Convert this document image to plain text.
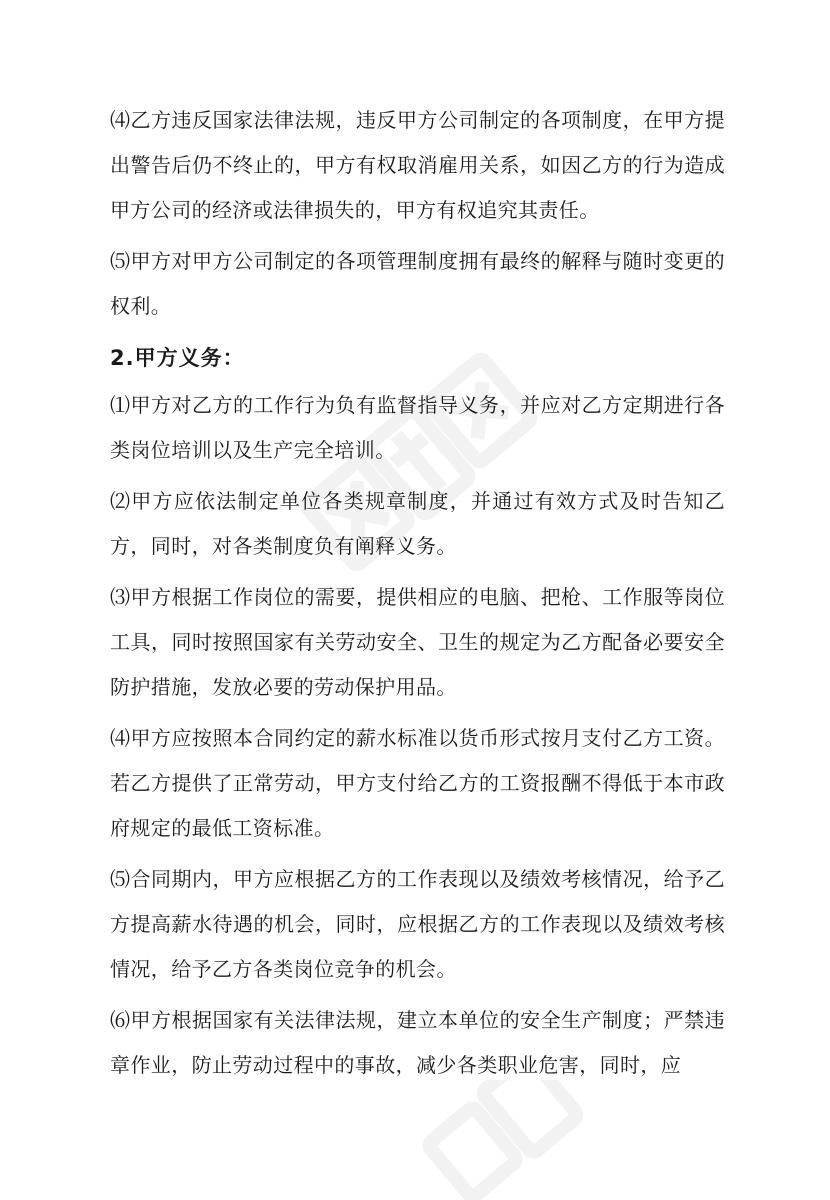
⑷乙方违反国家法律法规，违反甲方公司制定的各项制度，在甲方提出警告后仍不终止的，甲方有权取消雇用关系，如因乙方的行为造成甲方公司的经济或法律损失的，甲方有权追究其责任。

⑸甲方对甲方公司制定的各项管理制度拥有最终的解释与随时变更的权利。

2.甲方义务：

⑴甲方对乙方的工作行为负有监督指导义务，并应对乙方定期进行各类岗位培训以及生产完全培训。

⑵甲方应依法制定单位各类规章制度，并通过有效方式及时告知乙方，同时，对各类制度负有阐释义务。

⑶甲方根据工作岗位的需要，提供相应的电脑、把枪、工作服等岗位工具，同时按照国家有关劳动安全、卫生的规定为乙方配备必要安全防护措施，发放必要的劳动保护用品。

⑷甲方应按照本合同约定的薪水标准以货币形式按月支付乙方工资。若乙方提供了正常劳动，甲方支付给乙方的工资报酬不得低于本市政府规定的最低工资标准。

⑸合同期内，甲方应根据乙方的工作表现以及绩效考核情况，给予乙方提高薪水待遇的机会，同时，应根据乙方的工作表现以及绩效考核情况，给予乙方各类岗位竞争的机会。

⑹甲方根据国家有关法律法规，建立本单位的安全生产制度；严禁违章作业，防止劳动过程中的事故，减少各类职业危害，同时，应
